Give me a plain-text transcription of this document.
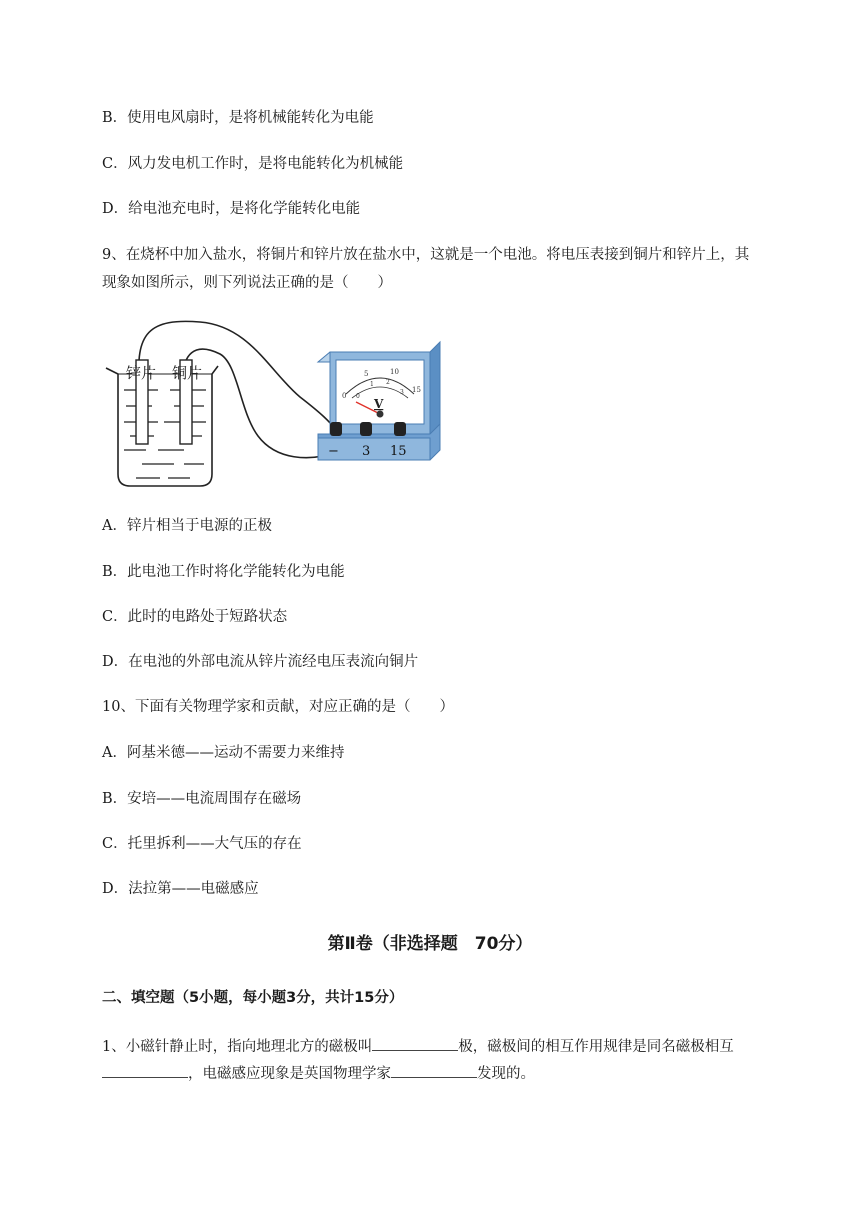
B．使用电风扇时，是将机械能转化为电能
C．风力发电机工作时，是将电能转化为机械能
D．给电池充电时，是将化学能转化电能
9、在烧杯中加入盐水，将铜片和锌片放在盐水中，这就是一个电池。将电压表接到铜片和锌片上，其
现象如图所示，则下列说法正确的是（　　）
锌片 铜片
0
5	10
15
0
1 2
3
V
− 3 15
A．锌片相当于电源的正极
B．此电池工作时将化学能转化为电能
C．此时的电路处于短路状态
D．在电池的外部电流从锌片流经电压表流向铜片
10、下面有关物理学家和贡献，对应正确的是（　　）
A．阿基米德——运动不需要力来维持
B．安培——电流周围存在磁场
C．托里拆利——大气压的存在
D．法拉第——电磁感应
第Ⅱ卷（非选择题　70分）
二、填空题（5小题，每小题3分，共计15分）
1、小磁针静止时，指向地理北方的磁极叫	极，磁极间的相互作用规律是同名磁极相互
，电磁感应现象是英国物理学家	发现的。
